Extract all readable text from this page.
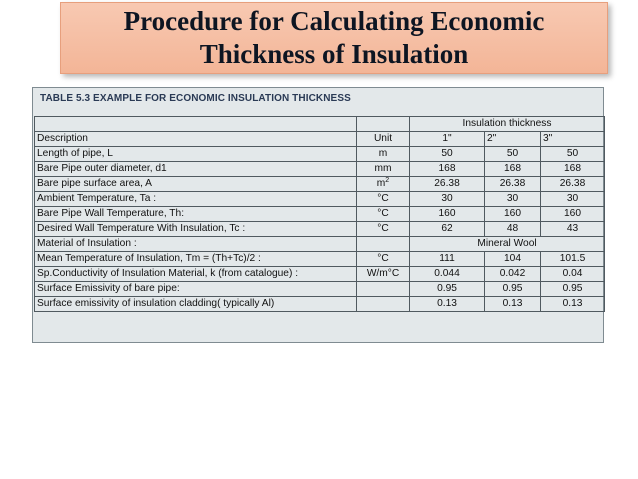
Procedure for Calculating Economic
Thickness of Insulation

TABLE 5.3 EXAMPLE FOR ECONOMIC INSULATION THICKNESS
		Insulation thickness		
Description	Unit	1"	2"	3"
Length of pipe, L	m	50	50	50
Bare Pipe outer diameter, d1	mm	168	168	168
Bare pipe surface area, A	$m^2$	26.38	26.38	26.38
Ambient Temperature, Ta :	°C	30	30	30
Bare Pipe Wall Temperature, Th:	°C	160	160	160
Desired Wall Temperature With Insulation, Tc :	°C	62	48	43
Material of Insulation :		Mineral Wool		
Mean Temperature of Insulation, Tm = (Th+Tc)/2 :	°C	111	104	101.5
Sp.Conductivity of Insulation Material, k (from catalogue) :	W/m°C	0.044	0.042	0.04
Surface Emissivity of bare pipe:		0.95	0.95	0.95
Surface emissivity of insulation cladding( typically Al)		0.13	0.13	0.13
